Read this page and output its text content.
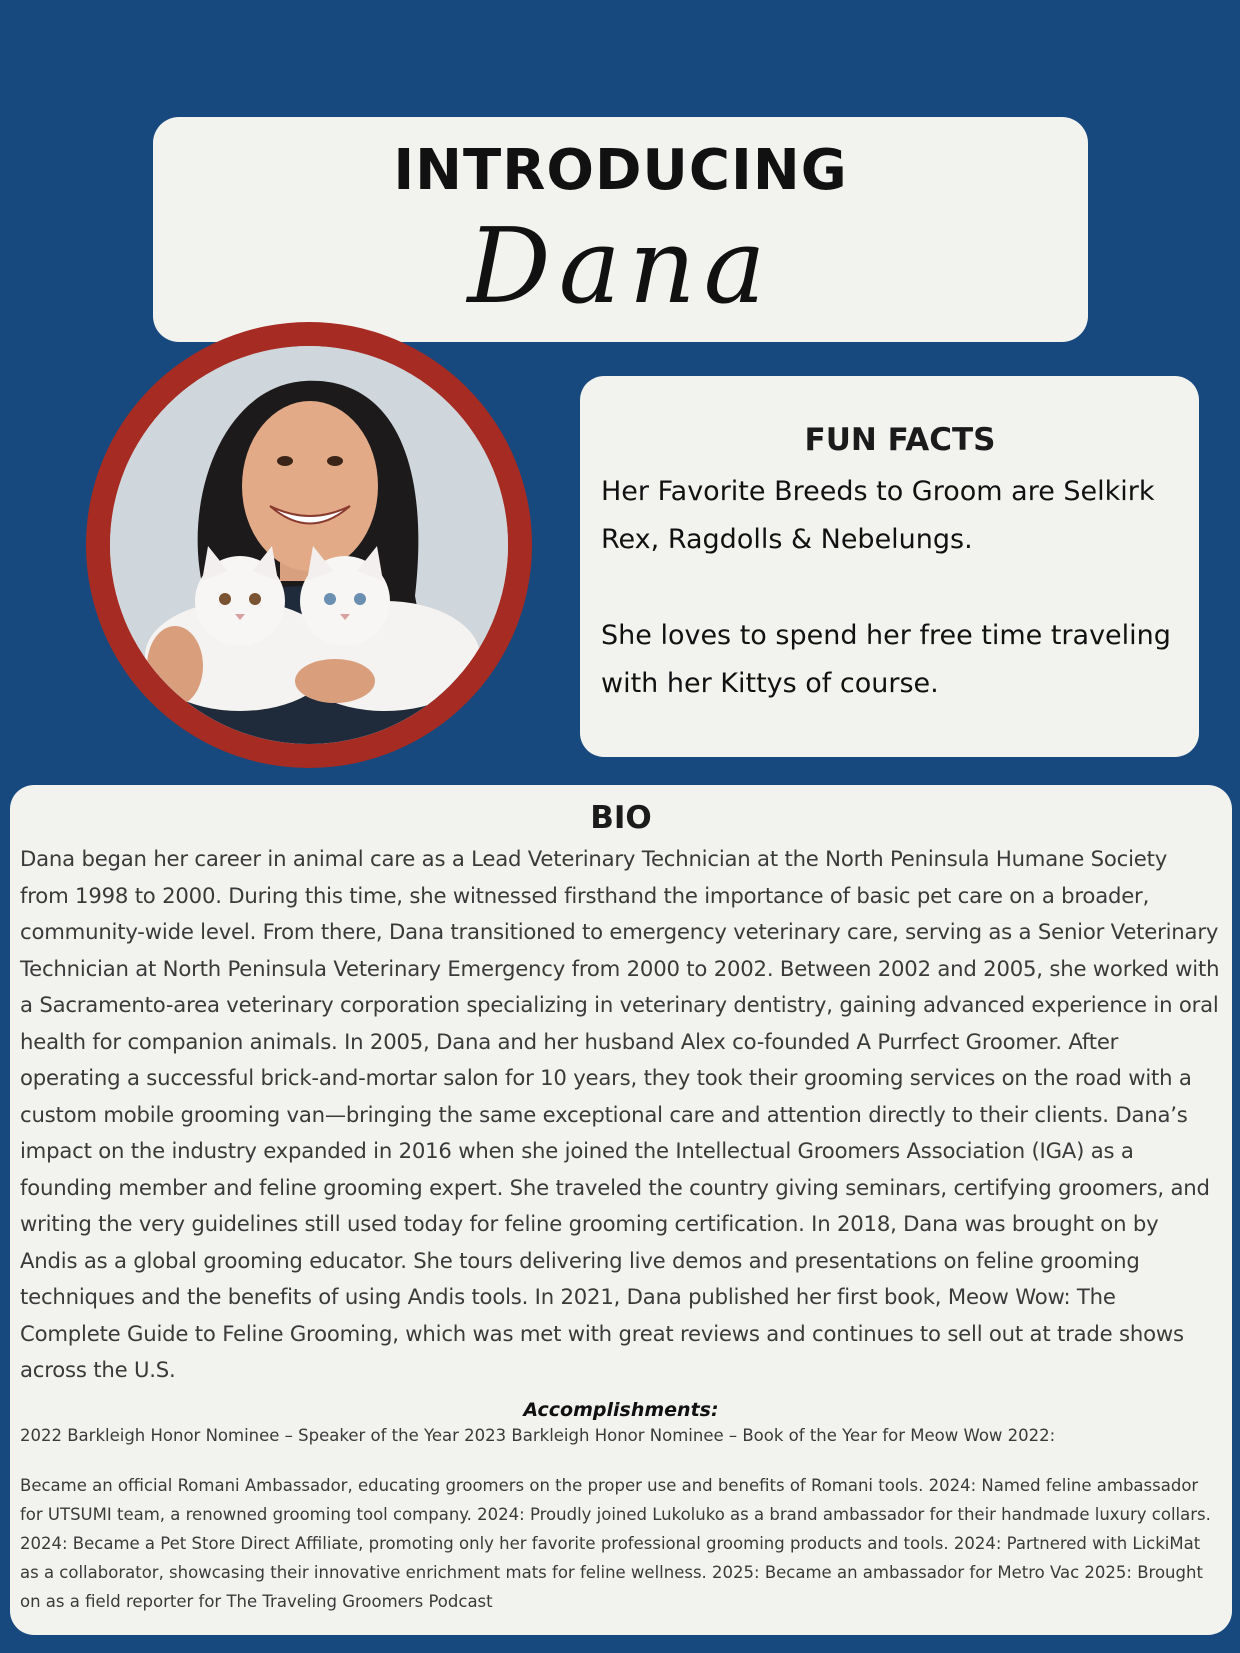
INTRODUCING
Dana
FUN FACTS

Her Favorite Breeds to Groom are Selkirk Rex, Ragdolls & Nebelungs.

She loves to spend her free time traveling with her Kittys of course.

BIO

Dana began her career in animal care as a Lead Veterinary Technician at the North Peninsula Humane Society from 1998 to 2000. During this time, she witnessed firsthand the importance of basic pet care on a broader, community-wide level. From there, Dana transitioned to emergency veterinary care, serving as a Senior Veterinary Technician at North Peninsula Veterinary Emergency from 2000 to 2002. Between 2002 and 2005, she worked with a Sacramento-area veterinary corporation specializing in veterinary dentistry, gaining advanced experience in oral health for companion animals. In 2005, Dana and her husband Alex co-founded A Purrfect Groomer. After operating a successful brick-and-mortar salon for 10 years, they took their grooming services on the road with a custom mobile grooming van—bringing the same exceptional care and attention directly to their clients. Dana’s impact on the industry expanded in 2016 when she joined the Intellectual Groomers Association (IGA) as a founding member and feline grooming expert. She traveled the country giving seminars, certifying groomers, and writing the very guidelines still used today for feline grooming certification. In 2018, Dana was brought on by Andis as a global grooming educator. She tours delivering live demos and presentations on feline grooming techniques and the benefits of using Andis tools. In 2021, Dana published her first book, Meow Wow: The Complete Guide to Feline Grooming, which was met with great reviews and continues to sell out at trade shows across the U.S.

Accomplishments:

2022 Barkleigh Honor Nominee – Speaker of the Year 2023 Barkleigh Honor Nominee – Book of the Year for Meow Wow 2022:

Became an official Romani Ambassador, educating groomers on the proper use and benefits of Romani tools. 2024: Named feline ambassador for UTSUMI team, a renowned grooming tool company. 2024: Proudly joined Lukoluko as a brand ambassador for their handmade luxury collars. 2024: Became a Pet Store Direct Affiliate, promoting only her favorite professional grooming products and tools. 2024: Partnered with LickiMat as a collaborator, showcasing their innovative enrichment mats for feline wellness. 2025: Became an ambassador for Metro Vac 2025: Brought on as a field reporter for The Traveling Groomers Podcast
